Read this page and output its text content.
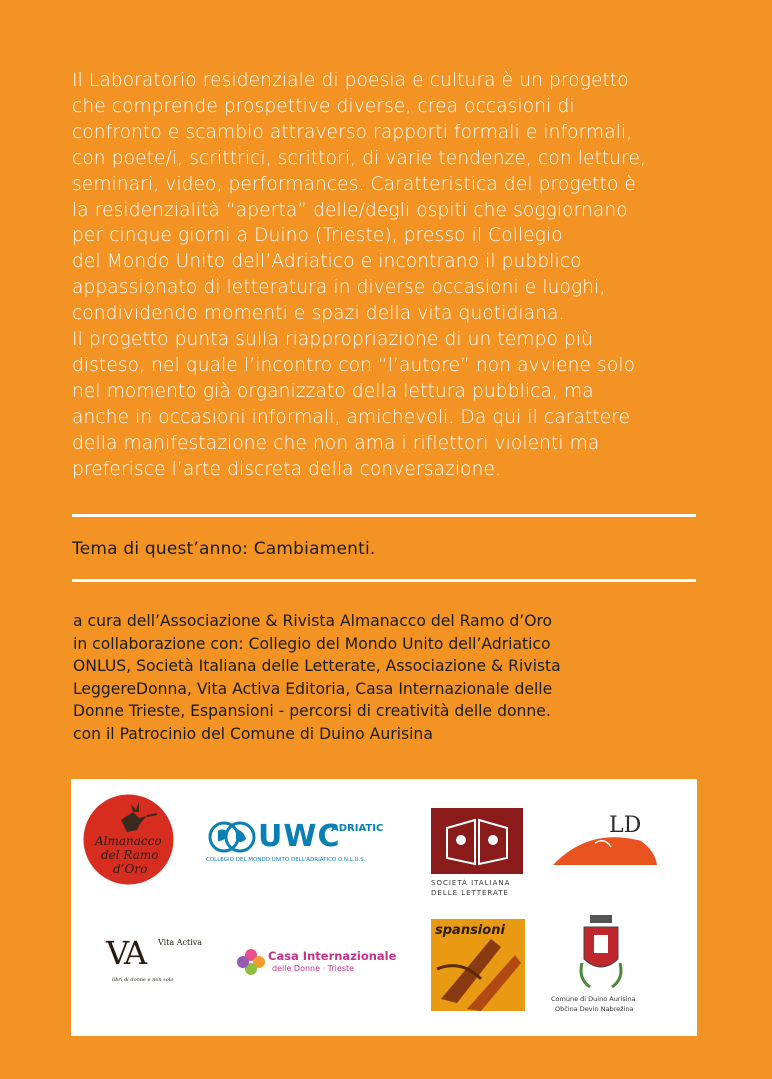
Il Laboratorio residenziale di poesia e cultura è un progetto
che comprende prospettive diverse, crea occasioni di
confronto e scambio attraverso rapporti formali e informali,
con poete/i, scrittrici, scrittori, di varie tendenze, con letture,
seminari, video, performances. Caratteristica del progetto è
la residenzialità “aperta” delle/degli ospiti che soggiornano
per cinque giorni a Duino (Trieste), presso il Collegio
del Mondo Unito dell’Adriatico e incontrano il pubblico
appassionato di letteratura in diverse occasioni e luoghi,
condividendo momenti e spazi della vita quotidiana.

Il progetto punta sulla riappropriazione di un tempo più
disteso, nel quale l’incontro con “l’autore” non avviene solo
nel momento già organizzato della lettura pubblica, ma
anche in occasioni informali, amichevoli. Da qui il carattere
della manifestazione che non ama i riflettori violenti ma
preferisce l’arte discreta della conversazione.

Tema di quest’anno: Cambiamenti.
a cura dell’Associazione & Rivista Almanacco del Ramo d’Oro
in collaborazione con: Collegio del Mondo Unito dell’Adriatico
ONLUS, Società Italiana delle Letterate, Associazione & Rivista
LeggereDonna, Vita Activa Editoria, Casa Internazionale delle
Donne Trieste, Espansioni - percorsi di creatività delle donne.
con il Patrocinio del Comune di Duino Aurisina
Almanacco
del Ramo
d’Oro
UWC
ADRIATIC
COLLEGIO DEL MONDO UNITO DELL'ADRIATICO O.N.L.U.S.
SOCIETÀ ITALIANA
DELLE LETTERATE
LD
VA Vita Activa
libri di donne e non solo
Casa Internazionale
delle Donne · Trieste
spansioni
Comune di Duino Aurisina
Občina Devin Nabrežina
